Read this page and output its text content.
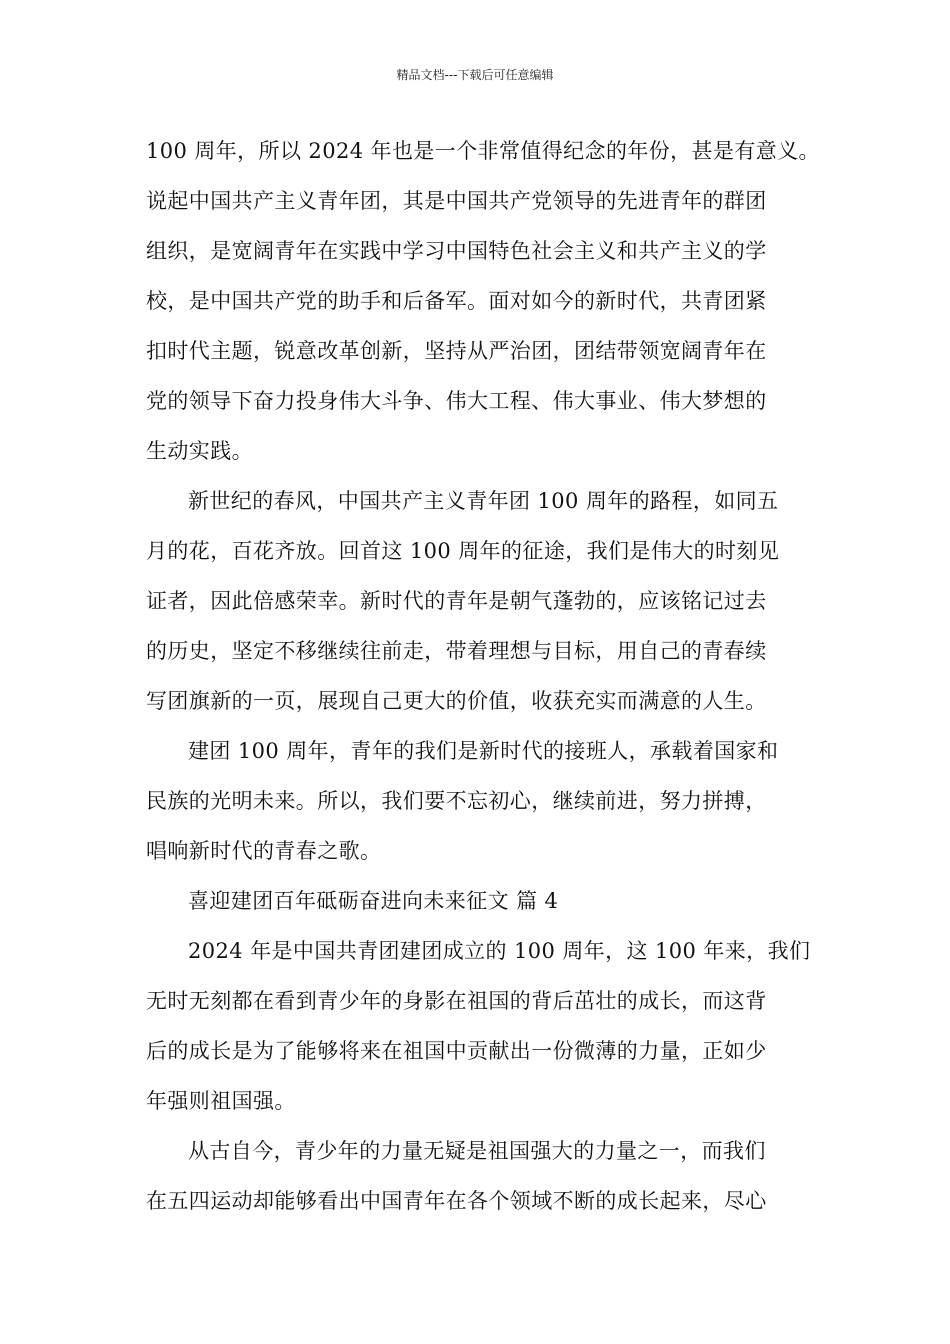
精品文档---下载后可任意编辑
100 周年，所以 2024 年也是一个非常值得纪念的年份，甚是有意义。
说起中国共产主义青年团，其是中国共产党领导的先进青年的群团
组织，是宽阔青年在实践中学习中国特色社会主义和共产主义的学
校，是中国共产党的助手和后备军。面对如今的新时代，共青团紧
扣时代主题，锐意改革创新，坚持从严治团，团结带领宽阔青年在
党的领导下奋力投身伟大斗争、伟大工程、伟大事业、伟大梦想的
生动实践。
新世纪的春风，中国共产主义青年团 100 周年的路程，如同五
月的花，百花齐放。回首这 100 周年的征途，我们是伟大的时刻见
证者，因此倍感荣幸。新时代的青年是朝气蓬勃的，应该铭记过去
的历史，坚定不移继续往前走，带着理想与目标，用自己的青春续
写团旗新的一页，展现自己更大的价值，收获充实而满意的人生。
建团 100 周年，青年的我们是新时代的接班人，承载着国家和
民族的光明未来。所以，我们要不忘初心，继续前进，努力拼搏，
唱响新时代的青春之歌。
喜迎建团百年砥砺奋进向未来征文 篇 4
2024 年是中国共青团建团成立的 100 周年，这 100 年来，我们
无时无刻都在看到青少年的身影在祖国的背后茁壮的成长，而这背
后的成长是为了能够将来在祖国中贡献出一份微薄的力量，正如少
年强则祖国强。
从古自今，青少年的力量无疑是祖国强大的力量之一，而我们
在五四运动却能够看出中国青年在各个领域不断的成长起来，尽心
